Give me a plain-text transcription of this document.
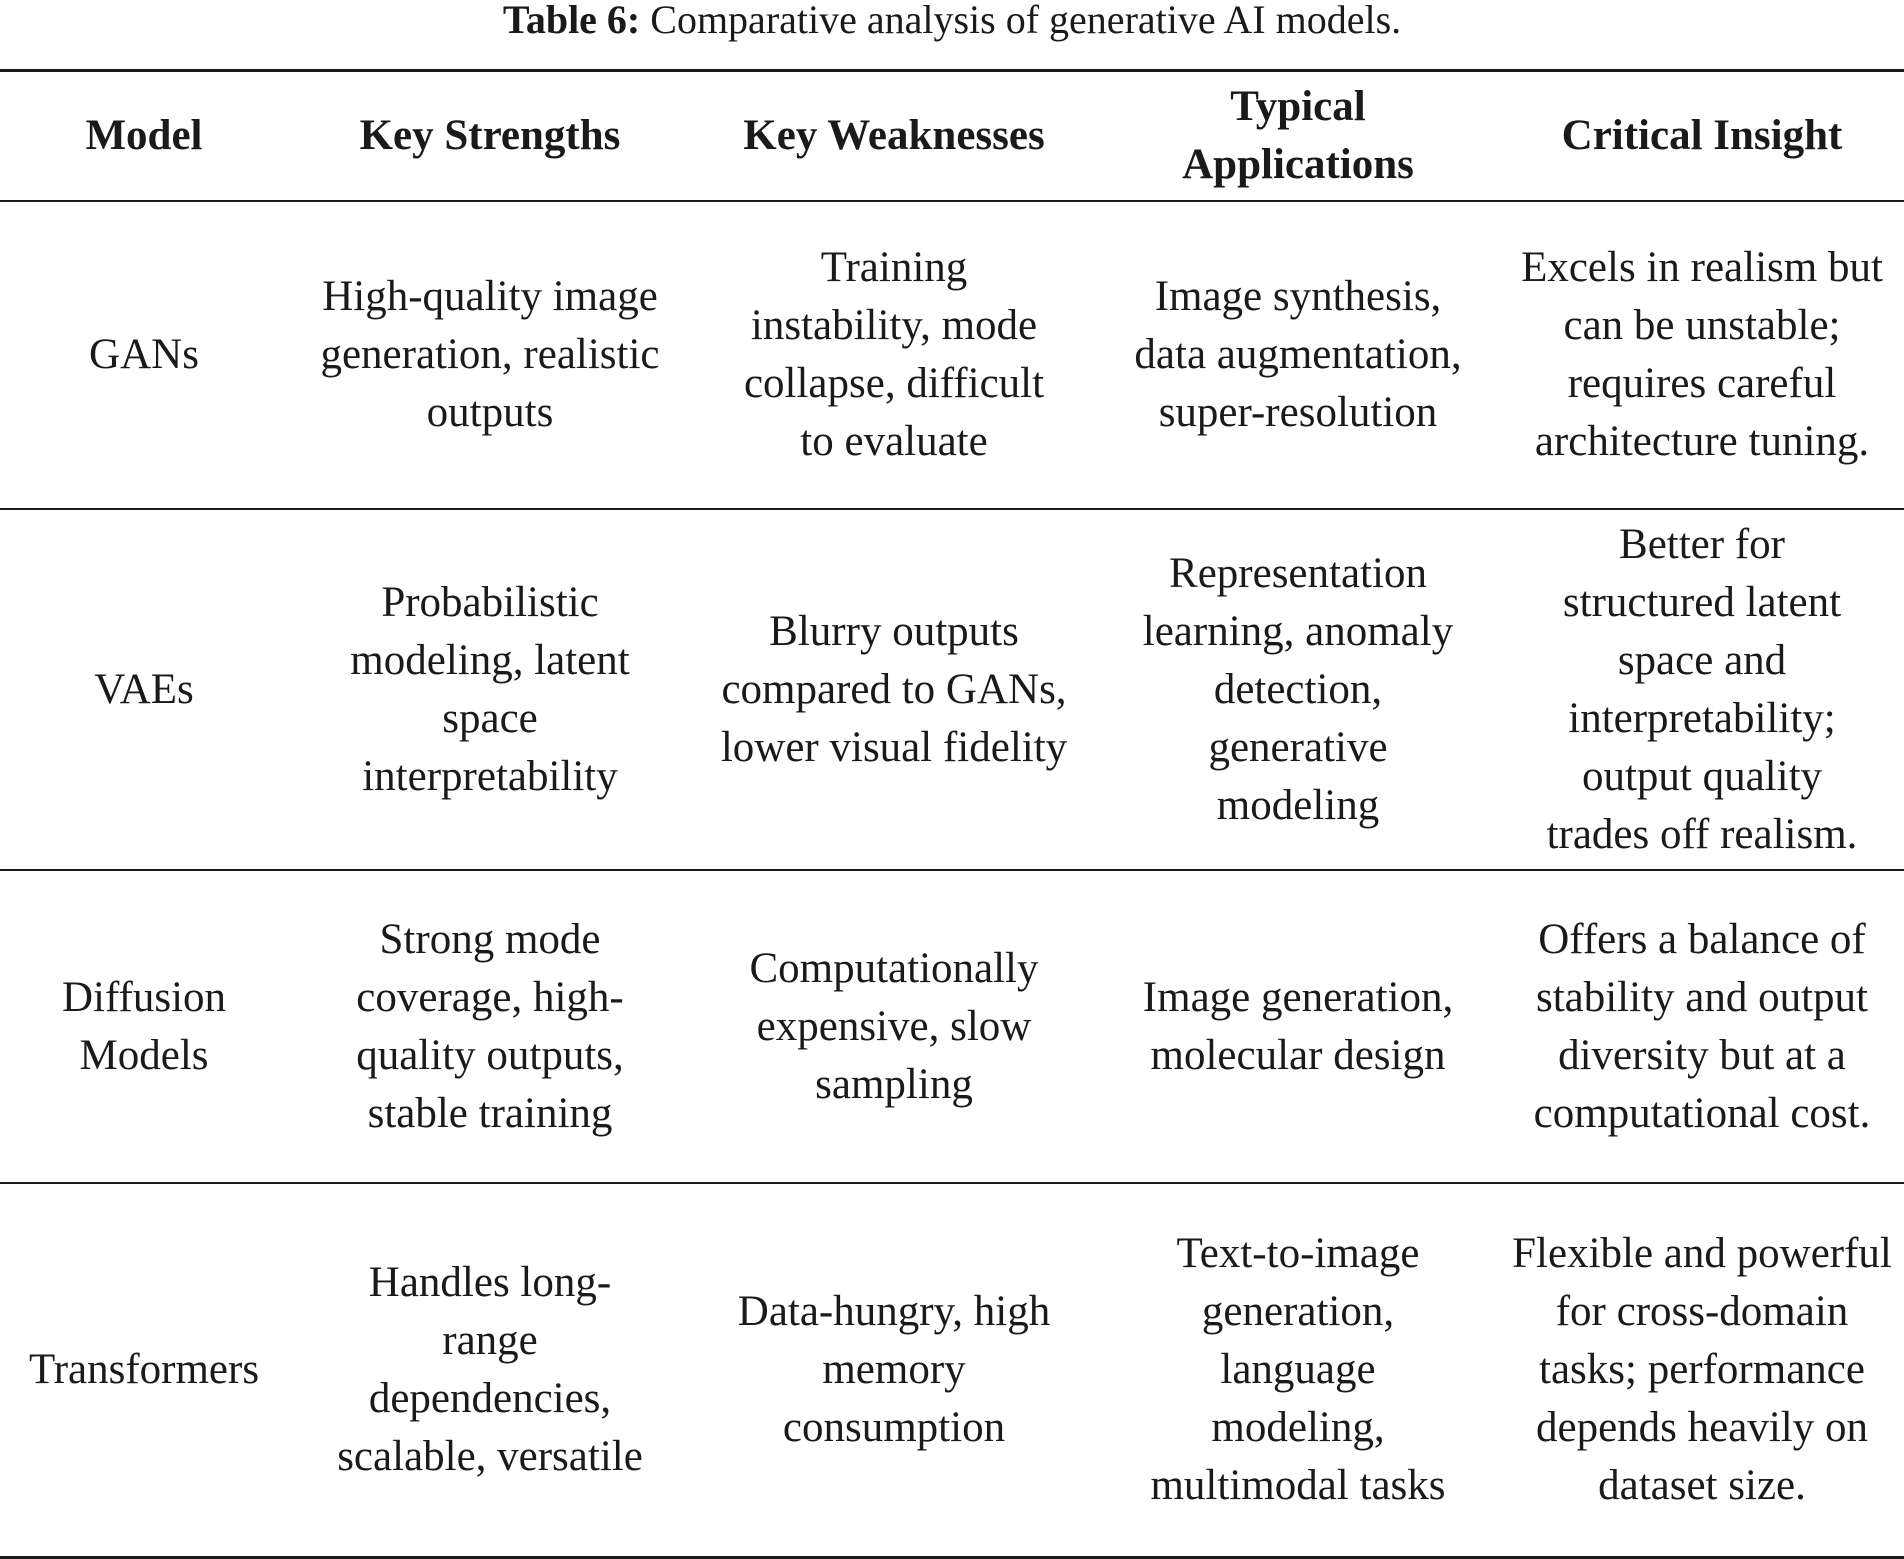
Table 6: Comparative analysis of generative AI models.
Model	Key Strengths	Key Weaknesses	Typical Applications	Critical Insight
GANs	High-quality image generation, realistic outputs	Training instability, mode collapse, difficult to evaluate	Image synthesis, data augmentation, super-resolution	Excels in realism but can be unstable; requires careful architecture tuning.
VAEs	Probabilistic modeling, latent space interpretability	Blurry outputs compared to GANs, lower visual fidelity	Representation learning, anomaly detection, generative modeling	Better for structured latent space and interpretability; output quality trades off realism.
Diffusion Models	Strong mode coverage, high-quality outputs, stable training	Computationally expensive, slow sampling	Image generation, molecular design	Offers a balance of stability and output diversity but at a computational cost.
Transformers	Handles long-range dependencies, scalable, versatile	Data-hungry, high memory consumption	Text-to-image generation, language modeling, multimodal tasks	Flexible and powerful for cross-domain tasks; performance depends heavily on dataset size.
